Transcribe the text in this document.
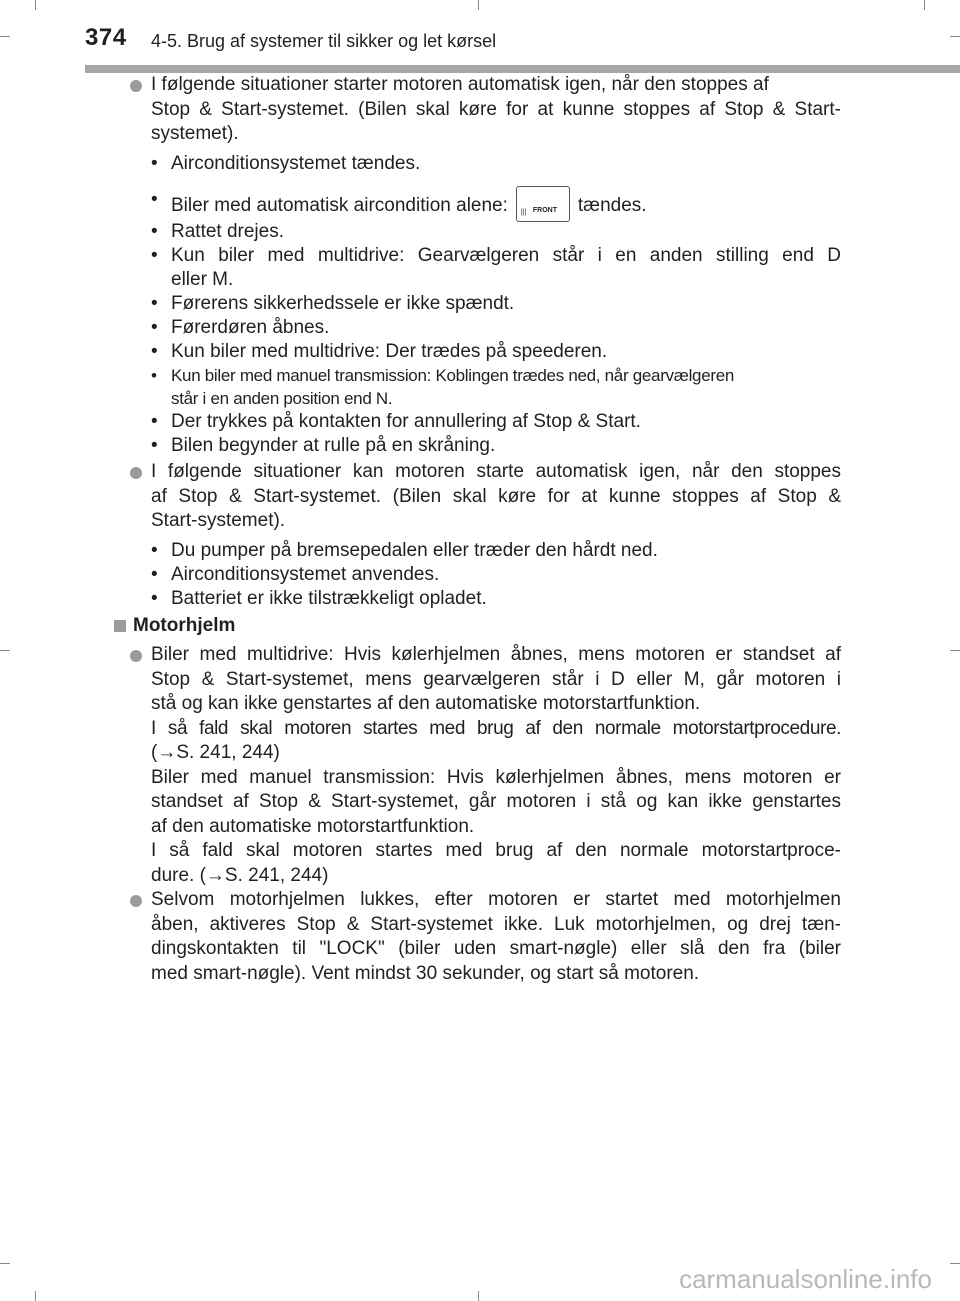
374 4-5. Brug af systemer til sikker og let kørsel
I følgende situationer starter motoren automatisk igen, når den stoppes af
Stop & Start-systemet. (Bilen skal køre for at kunne stoppes af Stop & Start-
systemet).
• Airconditionsystemet tændes.
• Biler med automatisk aircondition alene: ||| FRONT tændes.
• Rattet drejes.
• Kun biler med multidrive: Gearvælgeren står i en anden stilling end D
eller M.
• Førerens sikkerhedssele er ikke spændt.
• Førerdøren åbnes.
• Kun biler med multidrive: Der trædes på speederen.
• Kun biler med manuel transmission: Koblingen trædes ned, når gearvælgeren
står i en anden position end N.
• Der trykkes på kontakten for annullering af Stop & Start.
• Bilen begynder at rulle på en skråning.
I følgende situationer kan motoren starte automatisk igen, når den stoppes
af Stop & Start-systemet. (Bilen skal køre for at kunne stoppes af Stop &
Start-systemet).
• Du pumper på bremsepedalen eller træder den hårdt ned.
• Airconditionsystemet anvendes.
• Batteriet er ikke tilstrækkeligt opladet.
Motorhjelm
Biler med multidrive: Hvis kølerhjelmen åbnes, mens motoren er standset af
Stop & Start-systemet, mens gearvælgeren står i D eller M, går motoren i
stå og kan ikke genstartes af den automatiske motorstartfunktion.
I så fald skal motoren startes med brug af den normale motorstartprocedure.
(→S. 241, 244)
Biler med manuel transmission: Hvis kølerhjelmen åbnes, mens motoren er
standset af Stop & Start-systemet, går motoren i stå og kan ikke genstartes
af den automatiske motorstartfunktion.
I så fald skal motoren startes med brug af den normale motorstartproce-
dure. (→S. 241, 244)
Selvom motorhjelmen lukkes, efter motoren er startet med motorhjelmen
åben, aktiveres Stop & Start-systemet ikke. Luk motorhjelmen, og drej tæn-
dingskontakten til "LOCK" (biler uden smart-nøgle) eller slå den fra (biler
med smart-nøgle). Vent mindst 30 sekunder, og start så motoren.
carmanualsonline.info
